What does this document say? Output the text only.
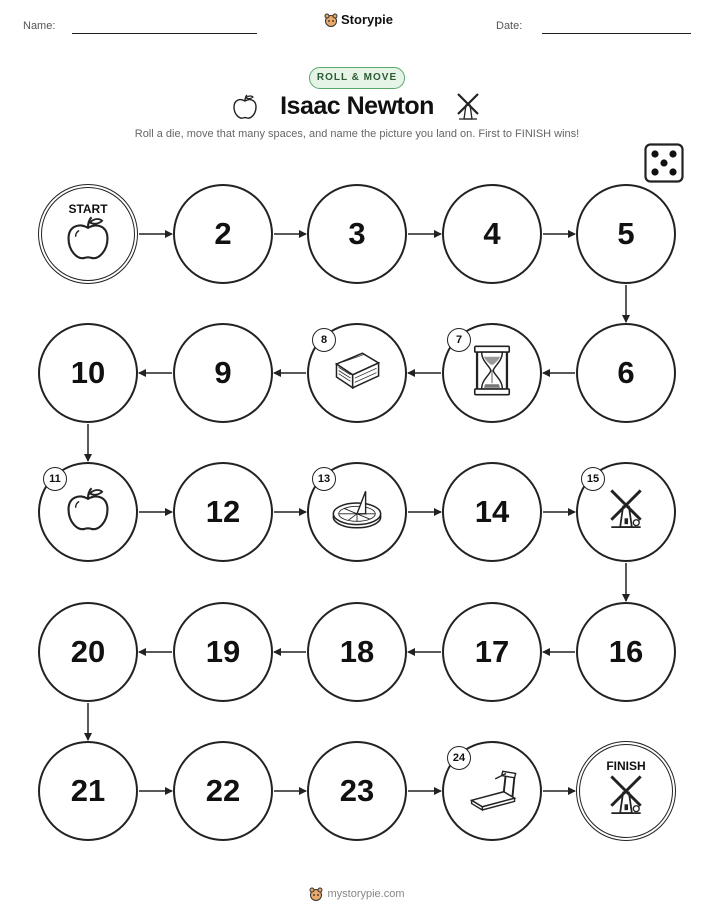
Name:	Storypie	Date:
ROLL & MOVE
Isaac Newton
Roll a die, move that many spaces, and name the picture you land on. First to FINISH wins!
START
2	3	4	5
6
7
8
9
10
11
12
13
14
15
16
17
18
19
20
21	22	23
24
FINISH
mystorypie.com
